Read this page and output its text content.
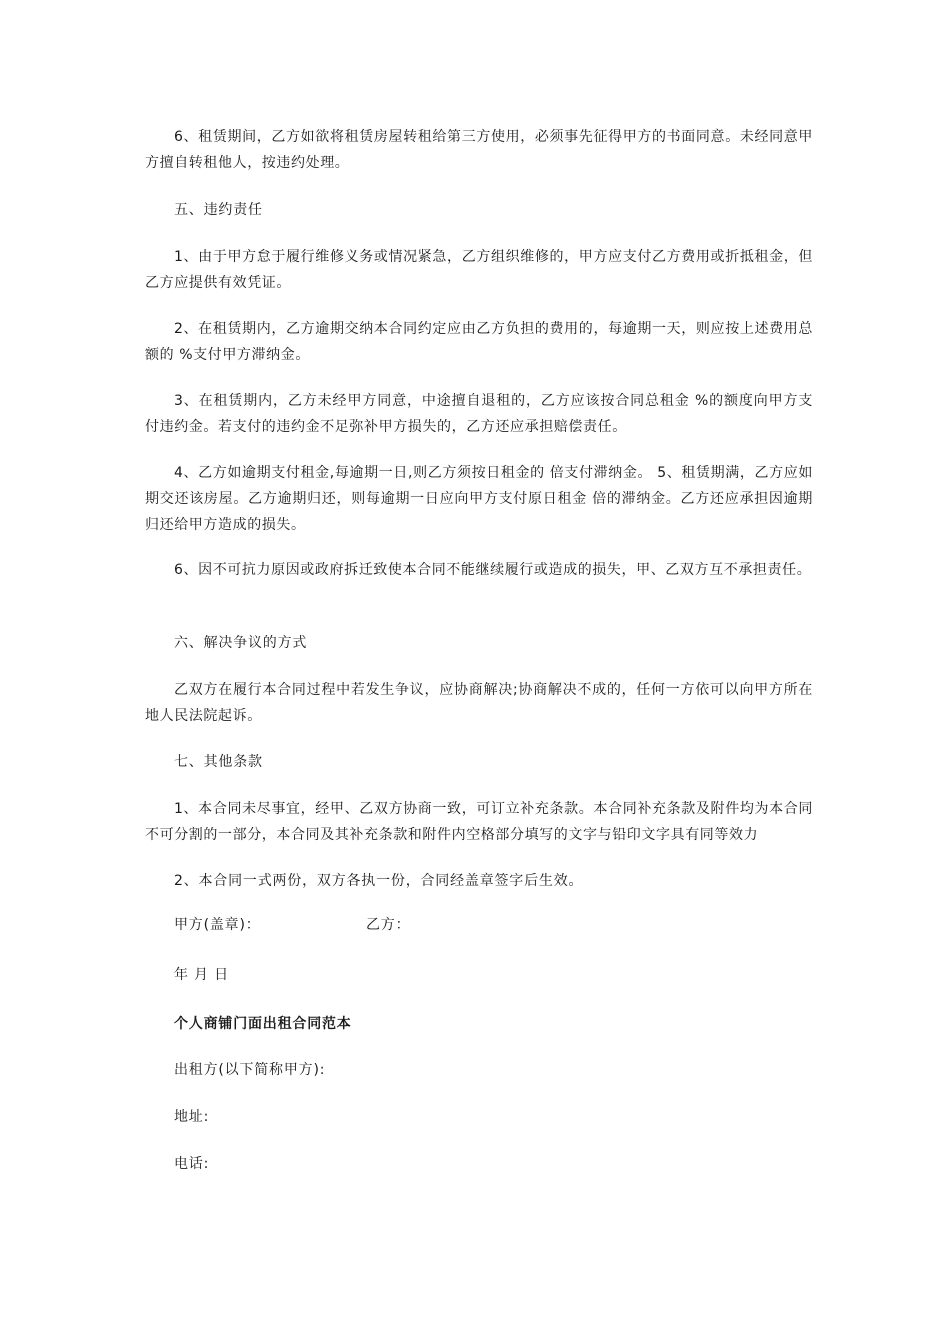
6、租赁期间，乙方如欲将租赁房屋转租给第三方使用，必须事先征得甲方的书面同意。未经同意甲方擅自转租他人，按违约处理。

五、违约责任

1、由于甲方怠于履行维修义务或情况紧急，乙方组织维修的，甲方应支付乙方费用或折抵租金，但乙方应提供有效凭证。

2、在租赁期内，乙方逾期交纳本合同约定应由乙方负担的费用的，每逾期一天，则应按上述费用总额的 %支付甲方滞纳金。

3、在租赁期内，乙方未经甲方同意，中途擅自退租的，乙方应该按合同总租金 %的额度向甲方支付违约金。若支付的违约金不足弥补甲方损失的，乙方还应承担赔偿责任。

4、乙方如逾期支付租金,每逾期一日,则乙方须按日租金的 倍支付滞纳金。 5、租赁期满，乙方应如期交还该房屋。乙方逾期归还，则每逾期一日应向甲方支付原日租金 倍的滞纳金。乙方还应承担因逾期归还给甲方造成的损失。

6、因不可抗力原因或政府拆迁致使本合同不能继续履行或造成的损失，甲、乙双方互不承担责任。

六、解决争议的方式

乙双方在履行本合同过程中若发生争议，应协商解决;协商解决不成的，任何一方依可以向甲方所在地人民法院起诉。

七、其他条款

1、本合同未尽事宜，经甲、乙双方协商一致，可订立补充条款。本合同补充条款及附件均为本合同不可分割的一部分，本合同及其补充条款和附件内空格部分填写的文字与铅印文字具有同等效力

2、本合同一式两份，双方各执一份，合同经盖章签字后生效。

甲方(盖章)：	乙方：

年 月 日

个人商铺门面出租合同范本

出租方(以下简称甲方):

地址:

电话:
